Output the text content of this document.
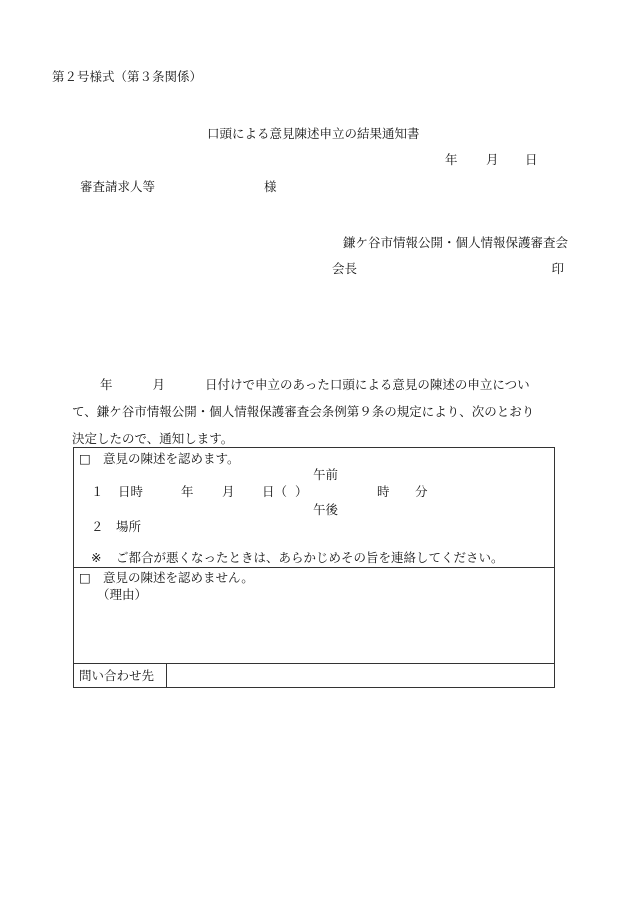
第２号様式（第３条関係）
口頭による意見陳述申立の結果通知書
年 月 日
審査請求人等	様
鎌ケ谷市情報公開・個人情報保護審査会
会長	印
年	月	日付けで申立のあった口頭による意見の陳述の申立につい
て、鎌ケ谷市情報公開・個人情報保護審査会条例第９条の規定により、次のとおり
決定したので、通知します。
□ 意見の陳述を認めます。
午前
１ 日時	年 月 日（ ）	時 分
午後
２ 場所
※ ご都合が悪くなったときは、あらかじめその旨を連絡してください。
□ 意見の陳述を認めません。
（理由）
問い合わせ先
